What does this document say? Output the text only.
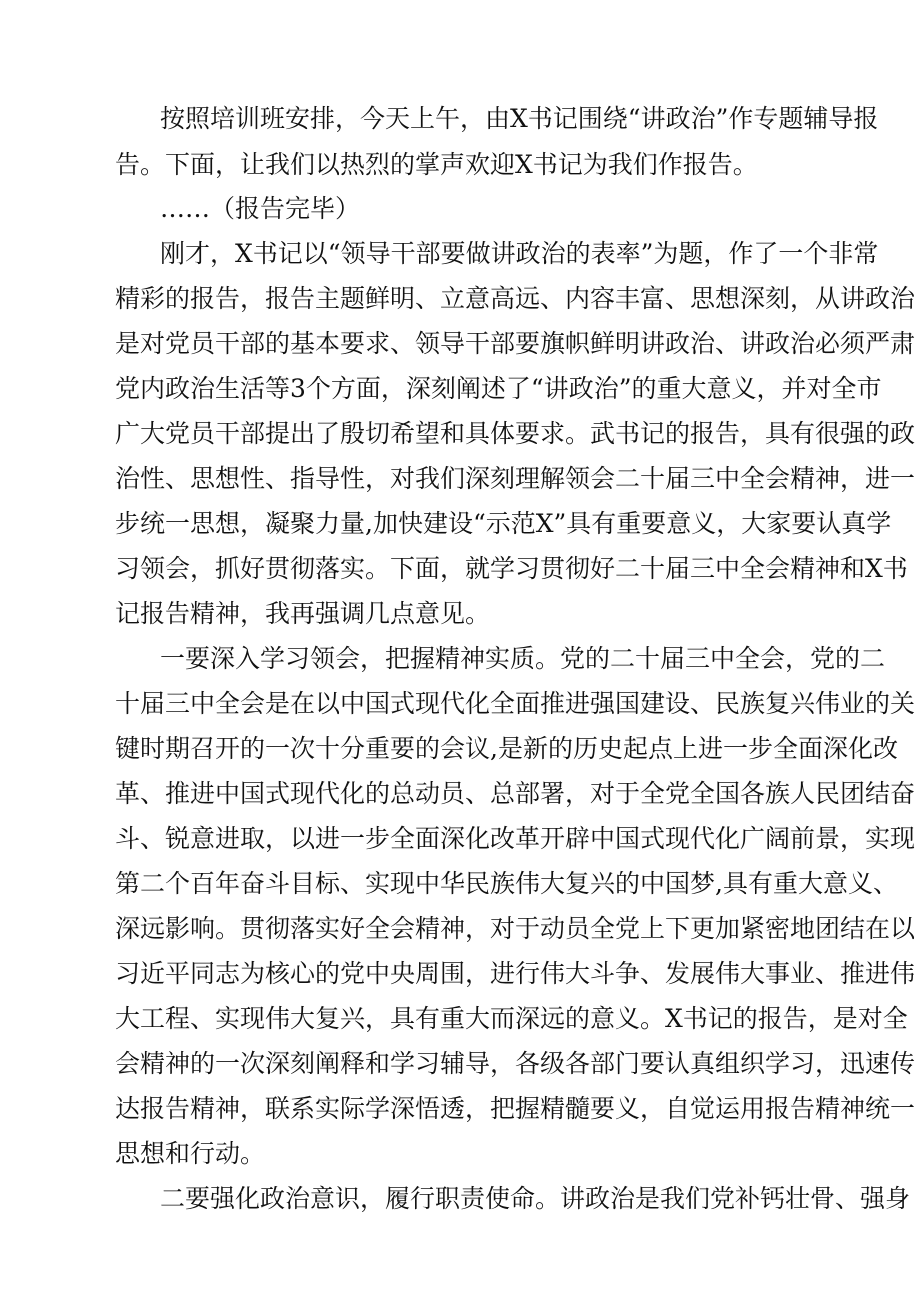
按照培训班安排，今天上午，由X书记围绕“讲政治”作专题辅导报

告。下面，让我们以热烈的掌声欢迎X书记为我们作报告。

……（报告完毕）

刚才，X书记以“领导干部要做讲政治的表率”为题，作了一个非常

精彩的报告，报告主题鲜明、立意高远、内容丰富、思想深刻，从讲政治

是对党员干部的基本要求、领导干部要旗帜鲜明讲政治、讲政治必须严肃

党内政治生活等3个方面，深刻阐述了“讲政治”的重大意义，并对全市

广大党员干部提出了殷切希望和具体要求。武书记的报告，具有很强的政

治性、思想性、指导性，对我们深刻理解领会二十届三中全会精神，进一

步统一思想，凝聚力量,加快建设“示范X”具有重要意义，大家要认真学

习领会，抓好贯彻落实。下面，就学习贯彻好二十届三中全会精神和X书

记报告精神，我再强调几点意见。

一要深入学习领会，把握精神实质。党的二十届三中全会，党的二

十届三中全会是在以中国式现代化全面推进强国建设、民族复兴伟业的关

键时期召开的一次十分重要的会议,是新的历史起点上进一步全面深化改

革、推进中国式现代化的总动员、总部署，对于全党全国各族人民团结奋

斗、锐意进取，以进一步全面深化改革开辟中国式现代化广阔前景，实现

第二个百年奋斗目标、实现中华民族伟大复兴的中国梦,具有重大意义、

深远影响。贯彻落实好全会精神，对于动员全党上下更加紧密地团结在以

习近平同志为核心的党中央周围，进行伟大斗争、发展伟大事业、推进伟

大工程、实现伟大复兴，具有重大而深远的意义。X书记的报告，是对全

会精神的一次深刻阐释和学习辅导，各级各部门要认真组织学习，迅速传

达报告精神，联系实际学深悟透，把握精髓要义，自觉运用报告精神统一

思想和行动。

二要强化政治意识，履行职责使命。讲政治是我们党补钙壮骨、强身
